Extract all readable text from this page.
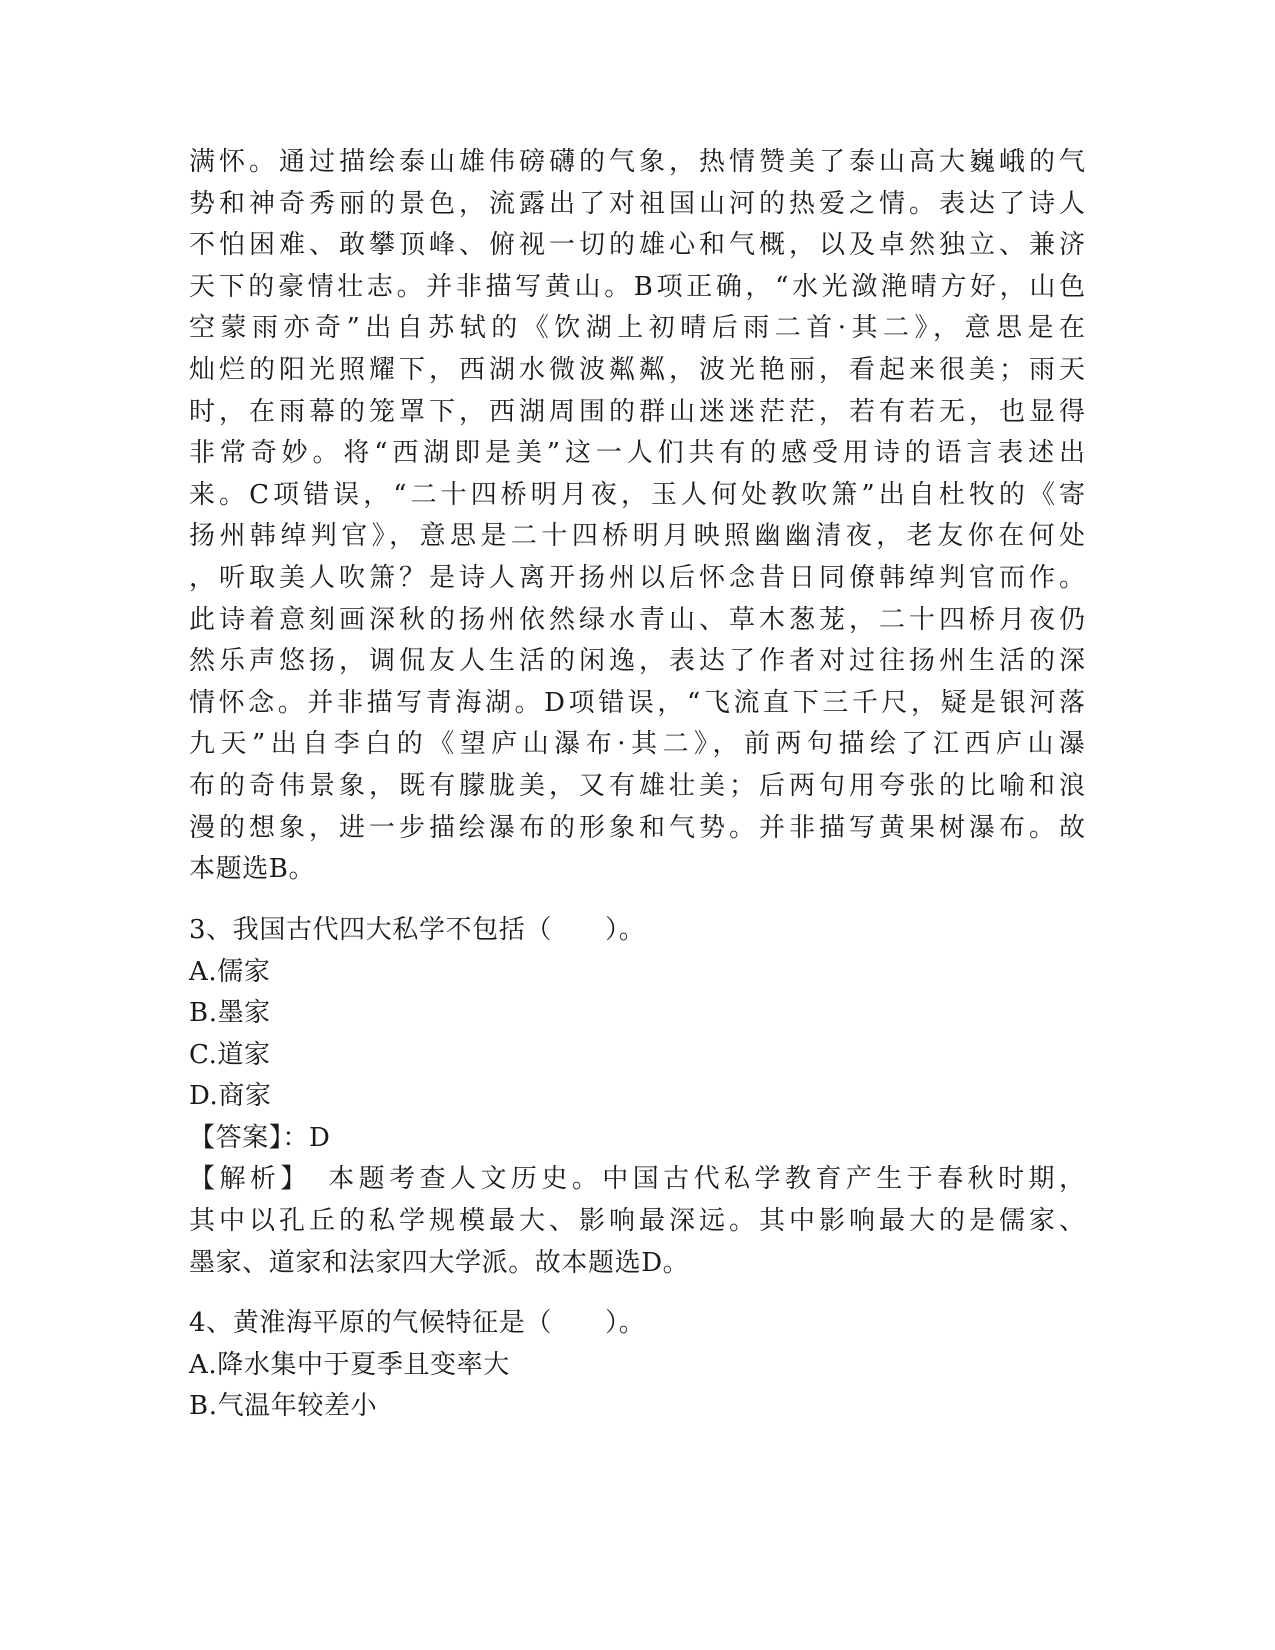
满怀。通过描绘泰山雄伟磅礴的气象，热情赞美了泰山高大巍峨的气
势和神奇秀丽的景色，流露出了对祖国山河的热爱之情。表达了诗人
不怕困难、敢攀顶峰、俯视一切的雄心和气概，以及卓然独立、兼济
天下的豪情壮志。并非描写黄山。B项正确，“水光潋滟晴方好，山色
空蒙雨亦奇”出自苏轼的《饮湖上初晴后雨二首·其二》，意思是在
灿烂的阳光照耀下，西湖水微波粼粼，波光艳丽，看起来很美；雨天
时，在雨幕的笼罩下，西湖周围的群山迷迷茫茫，若有若无，也显得
非常奇妙。将“西湖即是美”这一人们共有的感受用诗的语言表述出
来。C项错误，“二十四桥明月夜，玉人何处教吹箫”出自杜牧的《寄
扬州韩绰判官》，意思是二十四桥明月映照幽幽清夜，老友你在何处
，听取美人吹箫？是诗人离开扬州以后怀念昔日同僚韩绰判官而作。
此诗着意刻画深秋的扬州依然绿水青山、草木葱茏，二十四桥月夜仍
然乐声悠扬，调侃友人生活的闲逸，表达了作者对过往扬州生活的深
情怀念。并非描写青海湖。D项错误，“飞流直下三千尺，疑是银河落
九天”出自李白的《望庐山瀑布·其二》，前两句描绘了江西庐山瀑
布的奇伟景象，既有朦胧美，又有雄壮美；后两句用夸张的比喻和浪
漫的想象，进一步描绘瀑布的形象和气势。并非描写黄果树瀑布。故
本题选B。
3、我国古代四大私学不包括（　　）。
A.儒家
B.墨家
C.道家
D.商家
【答案】：D
【解析】　本题考查人文历史。中国古代私学教育产生于春秋时期，
其中以孔丘的私学规模最大、影响最深远。其中影响最大的是儒家、
墨家、道家和法家四大学派。故本题选D。
4、黄淮海平原的气候特征是（　　）。
A.降水集中于夏季且变率大
B.气温年较差小
